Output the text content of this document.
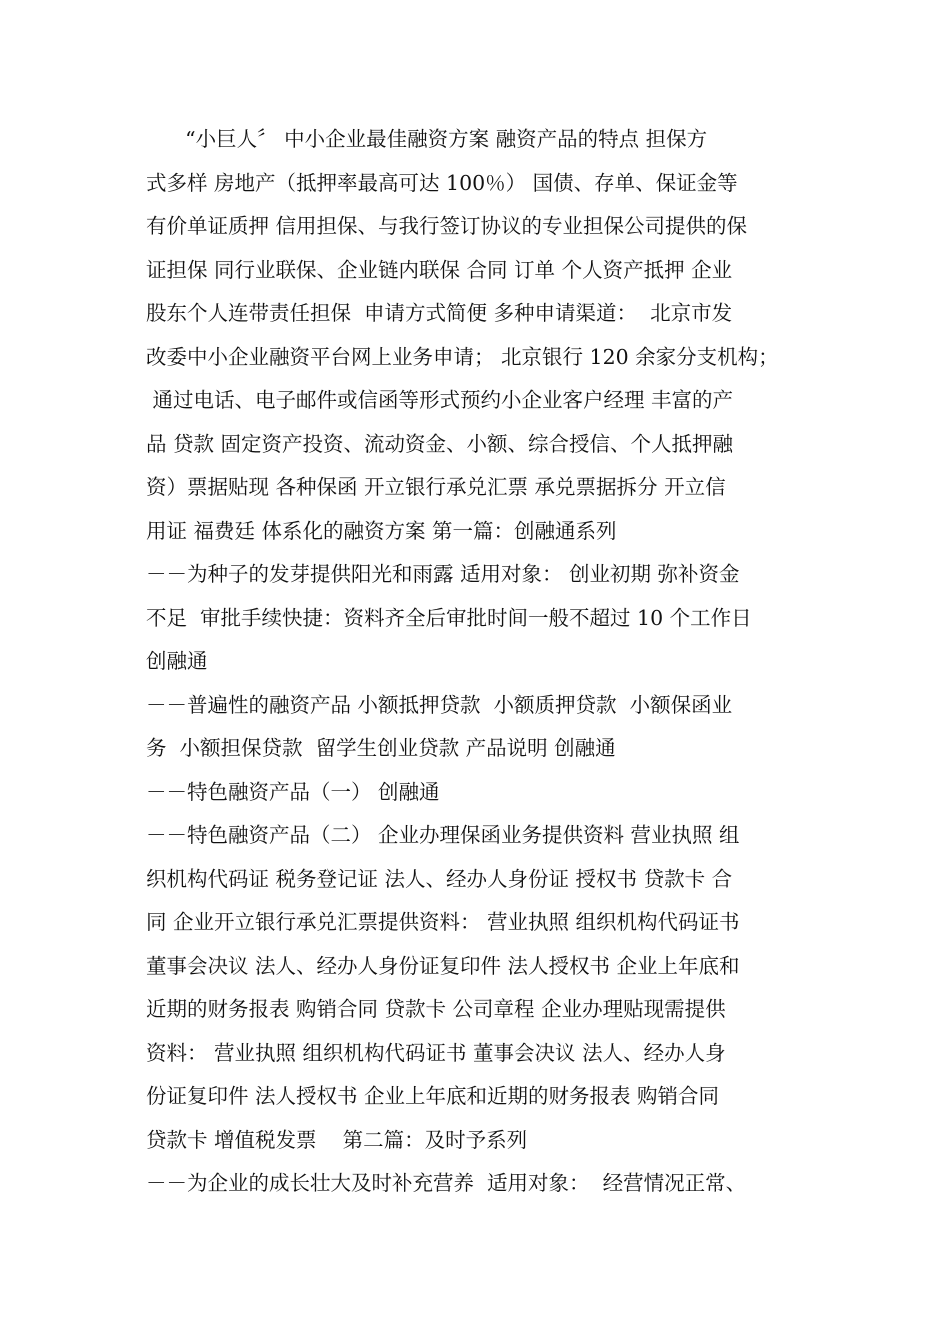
“小巨人〞 中小企业最佳融资方案 融资产品的特点 担保方
式多样 房地产（抵押率最高可达 100％） 国债、存单、保证金等
有价单证质押 信用担保、与我行签订协议的专业担保公司提供的保
证担保 同行业联保、企业链内联保 合同 订单 个人资产抵押 企业
股东个人连带责任担保  申请方式简便 多种申请渠道：  北京市发
改委中小企业融资平台网上业务申请； 北京银行 120 余家分支机构；
通过电话、电子邮件或信函等形式预约小企业客户经理 丰富的产
品 贷款 固定资产投资、流动资金、小额、综合授信、个人抵押融
资）票据贴现 各种保函 开立银行承兑汇票 承兑票据拆分 开立信
用证 福费廷 体系化的融资方案 第一篇：创融通系列
－－为种子的发芽提供阳光和雨露 适用对象： 创业初期 弥补资金
不足  审批手续快捷：资料齐全后审批时间一般不超过 10 个工作日
创融通
－－普遍性的融资产品 小额抵押贷款  小额质押贷款  小额保函业
务  小额担保贷款  留学生创业贷款 产品说明 创融通
－－特色融资产品（一） 创融通
－－特色融资产品（二） 企业办理保函业务提供资料 营业执照 组
织机构代码证 税务登记证 法人、经办人身份证 授权书 贷款卡 合
同 企业开立银行承兑汇票提供资料： 营业执照 组织机构代码证书
董事会决议 法人、经办人身份证复印件 法人授权书 企业上年底和
近期的财务报表 购销合同 贷款卡 公司章程 企业办理贴现需提供
资料： 营业执照 组织机构代码证书 董事会决议 法人、经办人身
份证复印件 法人授权书 企业上年底和近期的财务报表 购销合同
贷款卡 增值税发票    第二篇：及时予系列
－－为企业的成长壮大及时补充营养  适用对象：  经营情况正常、
